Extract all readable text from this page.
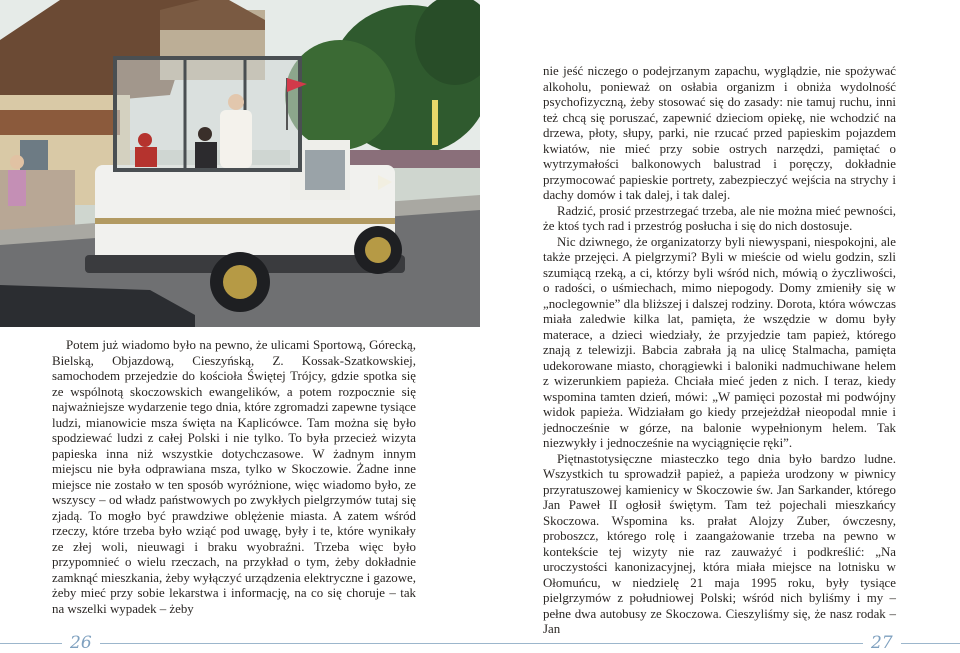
Potem już wiadomo było na pewno, że ulicami Sportową, Górecką, Bielską, Objazdową, Cieszyńską, Z. Kossak-Szatkowskiej, samochodem przejedzie do kościoła Świętej Trójcy, gdzie spotka się ze wspólnotą skoczowskich ewangelików, a potem rozpocznie się najważniejsze wydarzenie tego dnia, które zgromadzi zapewne tysiące ludzi, mianowicie msza święta na Kaplicówce. Tam można się było spodziewać ludzi z całej Polski i nie tylko. To była przecież wizyta papieska inna niż wszystkie dotychczasowe. W żadnym innym miejscu nie była odprawiana msza, tylko w Skoczowie. Żadne inne miejsce nie zostało w ten sposób wyróżnione, więc wiadomo było, ze wszyscy – od władz państwowych po zwykłych pielgrzymów tutaj się zjadą. To mogło być prawdziwe oblężenie miasta. A zatem wśród rzeczy, które trzeba było wziąć pod uwagę, były i te, które wynikały ze złej woli, nieuwagi i braku wyobraźni. Trzeba więc było przypomnieć o wielu rzeczach, na przykład o tym, żeby dokładnie zamknąć mieszkania, żeby wyłączyć urządzenia elektryczne i gazowe, żeby mieć przy sobie lekarstwa i informację, na co się choruje – tak na wszelki wypadek – żeby

26

nie jeść niczego o podejrzanym zapachu, wyglądzie, nie spożywać alkoholu, ponieważ on osłabia organizm i obniża wydolność psychofizyczną, żeby stosować się do zasady: nie tamuj ruchu, inni też chcą się poruszać, zapewnić dzieciom opiekę, nie wchodzić na drzewa, płoty, słupy, parki, nie rzucać przed papieskim pojazdem kwiatów, nie mieć przy sobie ostrych narzędzi, pamiętać o wytrzymałości balkonowych balustrad i poręczy, dokładnie przymocować papieskie portrety, zabezpieczyć wejścia na strychy i dachy domów i tak dalej, i tak dalej.

Radzić, prosić przestrzegać trzeba, ale nie można mieć pewności, że ktoś tych rad i przestróg posłucha i się do nich dostosuje.

Nic dziwnego, że organizatorzy byli niewyspani, niespokojni, ale także przejęci. A pielgrzymi? Byli w mieście od wielu godzin, szli szumiącą rzeką, a ci, którzy byli wśród nich, mówią o życzliwości, o radości, o uśmiechach, mimo niepogody. Domy zmieniły się w „noclegownie” dla bliższej i dalszej rodziny. Dorota, która wówczas miała zaledwie kilka lat, pamięta, że wszędzie w domu były materace, a dzieci wiedziały, że przyjedzie tam papież, którego znają z telewizji. Babcia zabrała ją na ulicę Stalmacha, pamięta udekorowane miasto, chorągiewki i baloniki nadmuchiwane helem z wizerunkiem papieża. Chciała mieć jeden z nich. I teraz, kiedy wspomina tamten dzień, mówi: „W pamięci pozostał mi podwójny widok papieża. Widziałam go kiedy przejeżdżał nieopodal mnie i jednocześnie w górze, na balonie wypełnionym helem. Tak niezwykły i jednocześnie na wyciągnięcie ręki”.

Piętnastotysięczne miasteczko tego dnia było bardzo ludne. Wszystkich tu sprowadził papież, a papieża urodzony w piwnicy przyratuszowej kamienicy w Skoczowie św. Jan Sarkander, którego Jan Paweł II ogłosił świętym. Tam też pojechali mieszkańcy Skoczowa. Wspomina ks. prałat Alojzy Zuber, ówczesny, proboszcz, którego rolę i zaangażowanie trzeba na pewno w kontekście tej wizyty nie raz zauważyć i podkreślić: „Na uroczystości kanonizacyjnej, która miała miejsce na lotnisku w Ołomuńcu, w niedzielę 21 maja 1995 roku, były tysiące pielgrzymów z południowej Polski; wśród nich byliśmy i my – pełne dwa autobusy ze Skoczowa. Cieszyliśmy się, że nasz rodak – Jan

27
